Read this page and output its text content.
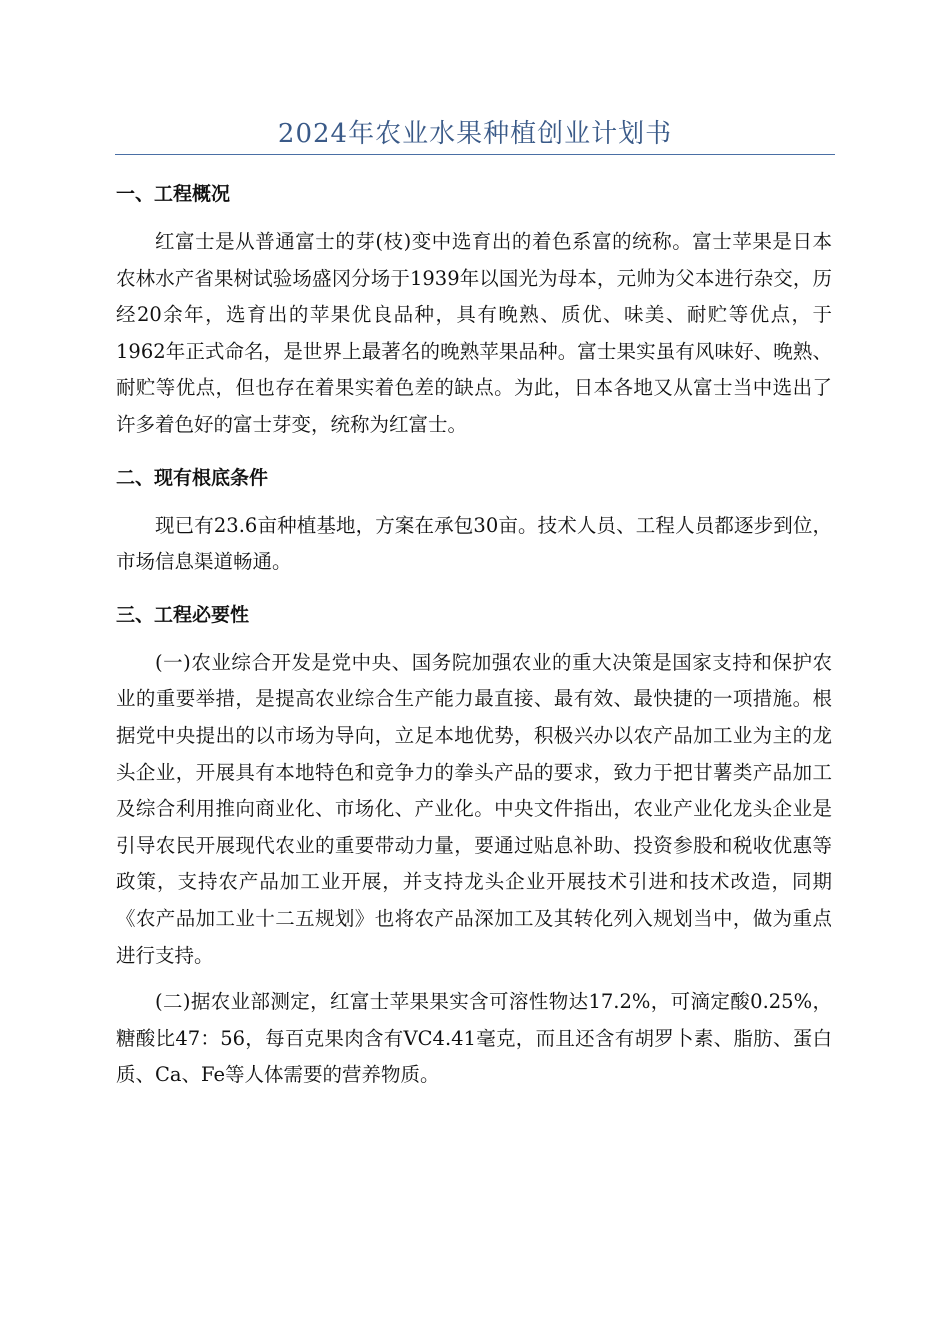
2024年农业水果种植创业计划书
一、工程概况

红富士是从普通富士的芽(枝)变中选育出的着色系富的统称。富士苹果是日本农林水产省果树试验场盛冈分场于1939年以国光为母本，元帅为父本进行杂交，历经20余年，选育出的苹果优良品种，具有晚熟、质优、味美、耐贮等优点，于1962年正式命名，是世界上最著名的晚熟苹果品种。富士果实虽有风味好、晚熟、耐贮等优点，但也存在着果实着色差的缺点。为此，日本各地又从富士当中选出了许多着色好的富士芽变，统称为红富士。

二、现有根底条件

现已有23.6亩种植基地，方案在承包30亩。技术人员、工程人员都逐步到位，市场信息渠道畅通。

三、工程必要性

(一)农业综合开发是党中央、国务院加强农业的重大决策是国家支持和保护农业的重要举措，是提高农业综合生产能力最直接、最有效、最快捷的一项措施。根据党中央提出的以市场为导向，立足本地优势，积极兴办以农产品加工业为主的龙头企业，开展具有本地特色和竞争力的拳头产品的要求，致力于把甘薯类产品加工及综合利用推向商业化、市场化、产业化。中央文件指出，农业产业化龙头企业是引导农民开展现代农业的重要带动力量，要通过贴息补助、投资参股和税收优惠等政策，支持农产品加工业开展，并支持龙头企业开展技术引进和技术改造，同期《农产品加工业十二五规划》也将农产品深加工及其转化列入规划当中，做为重点进行支持。

(二)据农业部测定，红富士苹果果实含可溶性物达17.2%，可滴定酸0.25%，糖酸比47：56，每百克果肉含有VC4.41毫克，而且还含有胡罗卜素、脂肪、蛋白质、Ca、Fe等人体需要的营养物质。
